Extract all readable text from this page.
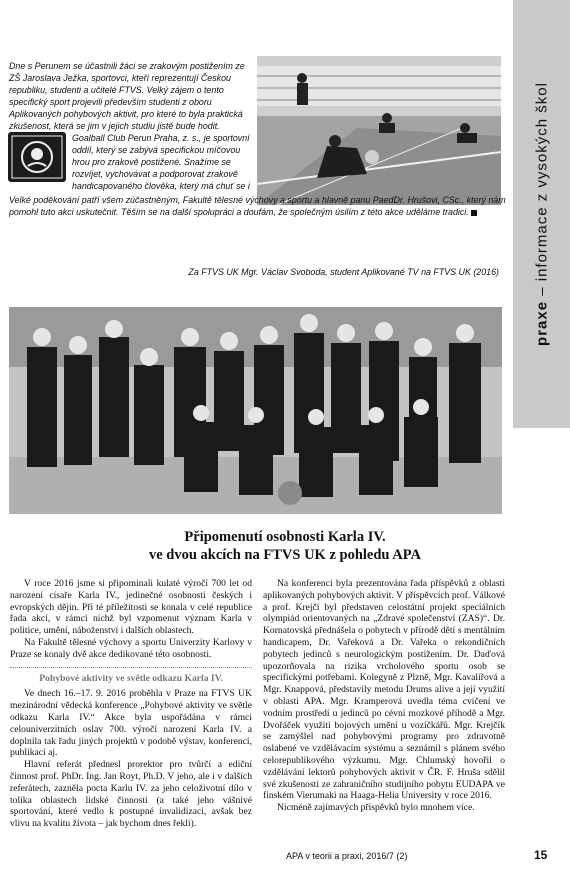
praxe – informace z vysokých škol

Dne s Perunem se účastnili žáci se zrakovým postižením ze ZŠ Jaroslava Ježka, sportovci, kteří reprezentují Českou republiku, studenti a učitelé FTVS. Velký zájem o tento specifický sport projevili především studenti z oboru Aplikovaných pohybových aktivit, pro které to byla praktická zkušenost, která se jim v jejich studiu jistě bude hodit.

Goalball Club Perun Praha, z. s., je sportovní oddíl, který se zabývá specifickou míčovou hrou pro zrakově postižené. Snažíme se rozvíjet, vychovávat a podporovat zrakově handicapovaného člověka, který má chuť se i

Velké poděkování patří všem zúčastněným, Fakultě tělesné výchovy a sportu a hlavně panu PaedDr. Hrušovi, CSc., který nám pomohl tuto akci uskutečnit. Těším se na další spolupráci a doufám, že společným úsilím z této akce uděláme tradici.

Za FTVS UK Mgr. Václav Svoboda, student Aplikované TV na FTVS UK (2016)

Připomenutí osobnosti Karla IV.
ve dvou akcích na FTVS UK z pohledu APA

V roce 2016 jsme si připomínali kulaté výročí 700 let od narození císaře Karla IV., jedinečné osobnosti českých i evropských dějin. Při té příležitosti se konala v celé republice řada akcí, v rámci nichž byl vzpomenut význam Karla v politice, umění, náboženství i dalších oblastech.

Na Fakultě tělesné výchovy a sportu Univerzity Karlovy v Praze se konaly dvě akce dedikované této osobnosti.

Pohybové aktivity ve světle odkazu Karla IV.

Ve dnech 16.–17. 9. 2016 proběhla v Praze na FTVS UK mezinárodní vědecká konference „Pohybové aktivity ve světle odkazu Karla IV.“ Akce byla uspořádána v rámci celouniverzitních oslav 700. výročí narození Karla IV. a doplnila tak řadu jiných projektů v podobě výstav, konferencí, publikací aj.

Hlavní referát přednesl prorektor pro tvůrčí a ediční činnost prof. PhDr. Ing. Jan Royt, Ph.D. V jeho, ale i v dalších referátech, zazněla pocta Karlu IV. za jeho celoživotní dílo v tolika oblastech lidské činnosti (a také jeho vášnivé sportování, které vedlo k postupné invalidizaci, avšak bez vlivu na kvalitu života – jak bychom dnes řekli).

Na konferenci byla prezentována řada příspěvků z oblasti aplikovaných pohybových aktivit. V příspěvcích prof. Válkové a prof. Krejčí byl představen celostátní projekt speciálních olympiád orientovaných na „Zdravé společenství (ZAS)“. Dr. Kornatovská přednášela o pobytech v přírodě dětí s mentálním handicapem, Dr. Vařeková a Dr. Vařeka o rekondičních pobytech jedinců s neurologickým postižením. Dr. Daďová upozorňovala na rizika vrcholového sportu osob se specifickými potřebami. Kolegyně z Plzně, Mgr. Kavalířová a Mgr. Knappová, představily metodu Drums alive a její využití v oblasti APA. Mgr. Kramperová uvedla téma cvičení ve vodním prostředí u jedinců po cévní mozkové příhodě a Mgr. Dvořáček využití bojových umění u vozíčkářů. Mgr. Krejčík se zamýšlel nad pohybovými programy pro zdravotně oslabené ve vzdělávacím systému a seznámil s plánem svého celorepublikového výzkumu. Mgr. Chlumský hovořil o vzdělávání lektorů pohybových aktivit v ČR. F. Hruša sdělil své zkušenosti ze zahraničního studijního pobytu EUDAPA ve finském Vierumaki na Haaga-Helia University v roce 2016.

Nicméně zajímavých příspěvků bylo mnohem více.

APA v teorii a praxi, 2016/7 (2)	15
